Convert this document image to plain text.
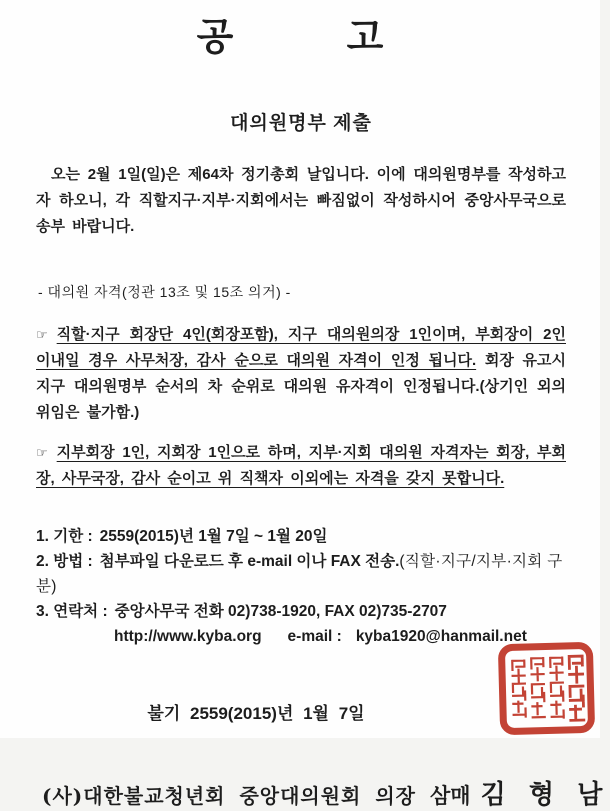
공 고
대의원명부 제출

오는 2월 1일(일)은 제64차 정기총회 날입니다. 이에 대의원명부를 작성하고자 하오니, 각 직할지구·지부·지회에서는 빠짐없이 작성하시어 중앙사무국으로 송부 바랍니다.

- 대의원 자격(정관 13조 및 15조 의거) -

☞ 직할·지구 회장단 4인(회장포함), 지구 대의원의장 1인이며, 부회장이 2인 이내일 경우 사무처장, 감사 순으로 대의원 자격이 인정 됩니다. 회장 유고시 지구 대의원명부 순서의 차 순위로 대의원 유자격이 인정됩니다.(상기인 외의 위임은 불가함.)

☞ 지부회장 1인, 지회장 1인으로 하며, 지부·지회 대의원 자격자는 회장, 부회장, 사무국장, 감사 순이고 위 직책자 이외에는 자격을 갖지 못합니다.

1. 기한 : 2559(2015)년 1월 7일 ~ 1월 20일
2. 방법 : 첨부파일 다운로드 후 e-mail 이나 FAX 전송.(직할·지구/지부·지회 구분)
3. 연락처 : 중앙사무국 전화 02)738-1920, FAX 02)735-2707
http://www.kyba.org e-mail : kyba1920@hanmail.net

불기 2559(2015)년 1월 7일

(사)대한불교청년회 중앙대의원회 의장 삼매 김 형 남
